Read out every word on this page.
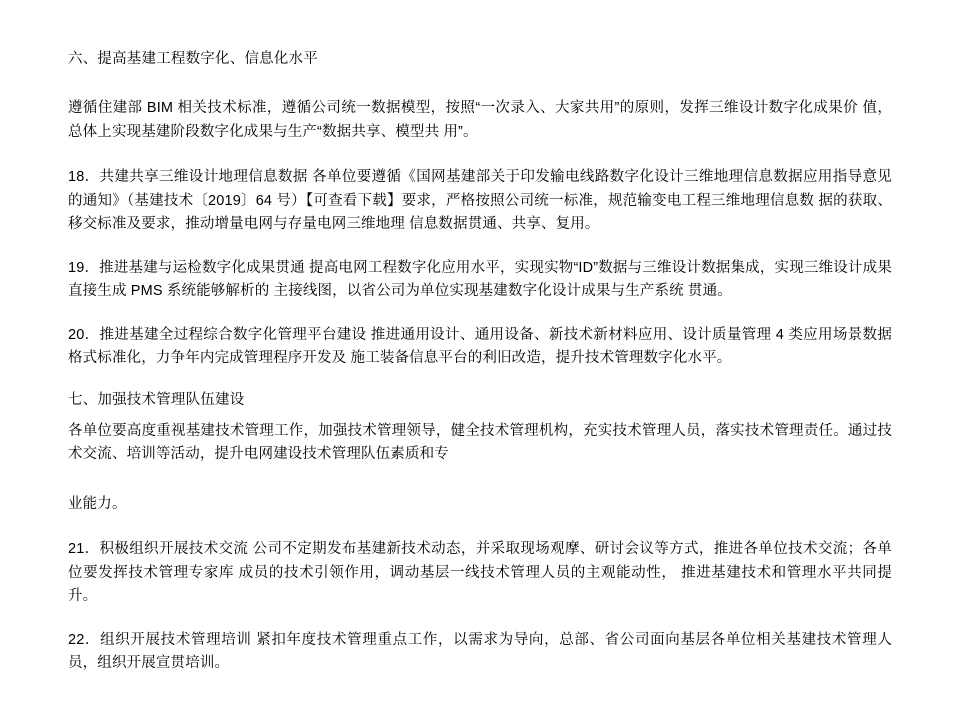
六、提高基建工程数字化、信息化水平

遵循住建部 BIM 相关技术标准，遵循公司统一数据模型，按照“一次录入、大家共用”的原则，发挥三维设计数字化成果价 值，总体上实现基建阶段数字化成果与生产“数据共享、模型共 用”。

18．共建共享三维设计地理信息数据 各单位要遵循《国网基建部关于印发输电线路数字化设计三维地理信息数据应用指导意见的通知》（基建技术〔2019〕64 号）【可查看下载】要求，严格按照公司统一标准，规范输变电工程三维地理信息数 据的获取、移交标准及要求，推动增量电网与存量电网三维地理 信息数据贯通、共享、复用。

19．推进基建与运检数字化成果贯通 提高电网工程数字化应用水平，实现实物“ID”数据与三维设计数据集成，实现三维设计成果直接生成 PMS 系统能够解析的 主接线图，以省公司为单位实现基建数字化设计成果与生产系统 贯通。

20．推进基建全过程综合数字化管理平台建设 推进通用设计、通用设备、新技术新材料应用、设计质量管理 4 类应用场景数据格式标准化，力争年内完成管理程序开发及 施工装备信息平台的利旧改造，提升技术管理数字化水平。

七、加强技术管理队伍建设

各单位要高度重视基建技术管理工作，加强技术管理领导，健全技术管理机构，充实技术管理人员，落实技术管理责任。通过技术交流、培训等活动，提升电网建设技术管理队伍素质和专

业能力。

21．积极组织开展技术交流 公司不定期发布基建新技术动态，并采取现场观摩、研讨会议等方式，推进各单位技术交流；各单位要发挥技术管理专家库 成员的技术引领作用，调动基层一线技术管理人员的主观能动性， 推进基建技术和管理水平共同提升。

22．组织开展技术管理培训 紧扣年度技术管理重点工作，以需求为导向，总部、省公司面向基层各单位相关基建技术管理人员，组织开展宣贯培训。
